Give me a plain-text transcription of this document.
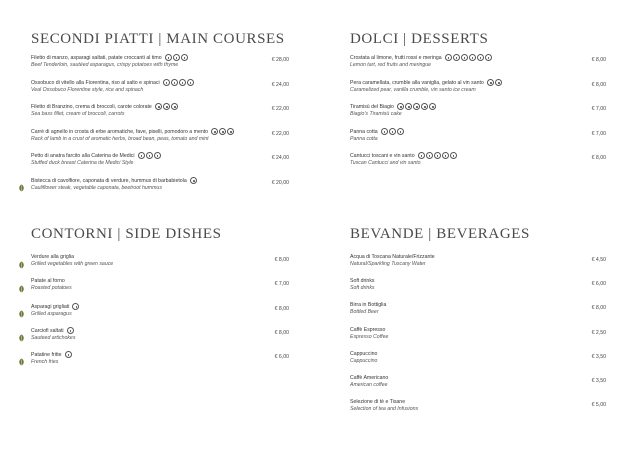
SECONDI PIATTI | MAIN COURSES	DOLCI | DESSERTS
CONTORNI | SIDE DISHES	BEVANDE | BEVERAGES
Filetto di manzo, asparagi saltati, patate croccanti al timo
Beef Tenderloin, sautéed asparagus, crispy potatoes with thyme
€ 28,00
Ossobuco di vitello alla Fiorentina, riso al salto e spinaci
Veal Ossobuco Florentine style, rice and spinach
€ 24,00
Filetto di Branzino, crema di broccoli, carote colorate
Sea bass fillet, cream of broccoli, carrots
€ 22,00
Carré di agnello in crosta di erbe aromatiche, fave, piselli, pomodoro a mento
Rack of lamb in a crust of aromatic herbs, broad bean, peas, tomato and mint
€ 22,00
Petto di anatra farcito alla Caterina de Medici
Stuffed duck breast Caterina de Medici Style
€ 24,00
Bistecca di cavolfiore, caponata di verdure, hummus di barbabietola
Cauliflower steak, vegetable caponata, beetroot hummus
€ 20,00
Crostata al limone, frutti rossi e meringa
Lemon tart, red fruits and meringue
€ 8,00
Pera caramellata, crumble alla vaniglia, gelato al vin santo
Caramelized pear, vanilla crumble, vin santo ice cream
€ 8,00
Tiramisù del Biagio
Biagio's Tiramisù cake
€ 7,00
Panna cotta
Panna cotta
€ 7,00
Cantucci toscani e vin santo
Tuscan Cantucci and vin santo
€ 8,00
Verdure alla griglia
Grilled vegetables with green sauce
€ 8,00
Patate al forno
Roasted potatoes
€ 7,00
Asparagi grigliati
Grilled asparagus
€ 8,00
Carciofi saltati
Sauteed artichokes
€ 8,00
Patatine fritte
French fries
€ 6,00
Acqua di Toscana Naturale/Frizzante
Natural/Sparkling Tuscany Water
€ 4,50
Soft drinks
Soft drinks
€ 6,00
Birra in Bottiglia
Bottled Beer
€ 8,00
Caffè Espresso
Espresso Coffee
€ 2,50
Cappuccino
Cappuccino
€ 3,50
Caffè Americano
American coffee
€ 3,50
Selezione di tè e Tisane
Selection of tea and Infusions
€ 5,00
